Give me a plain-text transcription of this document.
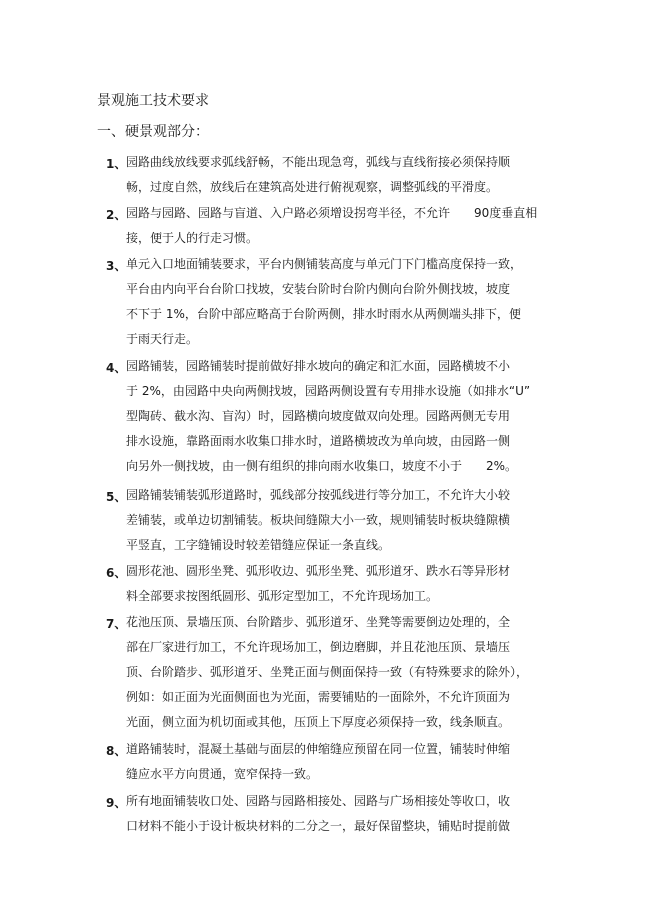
景观施工技术要求
一、硬景观部分：
1、 园路曲线放线要求弧线舒畅，不能出现急弯，弧线与直线衔接必须保持顺
畅，过度自然，放线后在建筑高处进行俯视观察，调整弧线的平滑度。
2、 园路与园路、园路与盲道、入户路必须增设拐弯半径，不允许　　90度垂直相
接，便于人的行走习惯。
3、 单元入口地面铺装要求，平台内侧铺装高度与单元门下门槛高度保持一致，
平台由内向平台台阶口找坡，安装台阶时台阶内侧向台阶外侧找坡，坡度
不下于 1%，台阶中部应略高于台阶两侧，排水时雨水从两侧端头排下，便
于雨天行走。
4、 园路铺装，园路铺装时提前做好排水坡向的确定和汇水面，园路横坡不小
于 2%，由园路中央向两侧找坡，园路两侧设置有专用排水设施（如排水“U”
型陶砖、截水沟、盲沟）时，园路横向坡度做双向处理。园路两侧无专用
排水设施，靠路面雨水收集口排水时，道路横坡改为单向坡，由园路一侧
向另外一侧找坡，由一侧有组织的排向雨水收集口，坡度不小于　　2%。
5、 园路铺装铺装弧形道路时，弧线部分按弧线进行等分加工，不允许大小较
差铺装，或单边切割铺装。板块间缝隙大小一致，规则铺装时板块缝隙横
平竖直，工字缝铺设时较差错缝应保证一条直线。
6、 圆形花池、圆形坐凳、弧形收边、弧形坐凳、弧形道牙、跌水石等异形材
料全部要求按图纸圆形、弧形定型加工，不允许现场加工。
7、 花池压顶、景墙压顶、台阶踏步、弧形道牙、坐凳等需要倒边处理的，全
部在厂家进行加工，不允许现场加工，倒边磨脚，并且花池压顶、景墙压
顶、台阶踏步、弧形道牙、坐凳正面与侧面保持一致（有特殊要求的除外），
例如：如正面为光面侧面也为光面，需要铺贴的一面除外，不允许顶面为
光面，侧立面为机切面或其他，压顶上下厚度必须保持一致，线条顺直。
8、 道路铺装时，混凝土基础与面层的伸缩缝应预留在同一位置，铺装时伸缩
缝应水平方向贯通，宽窄保持一致。
9、 所有地面铺装收口处、园路与园路相接处、园路与广场相接处等收口，收
口材料不能小于设计板块材料的二分之一，最好保留整块，铺贴时提前做
